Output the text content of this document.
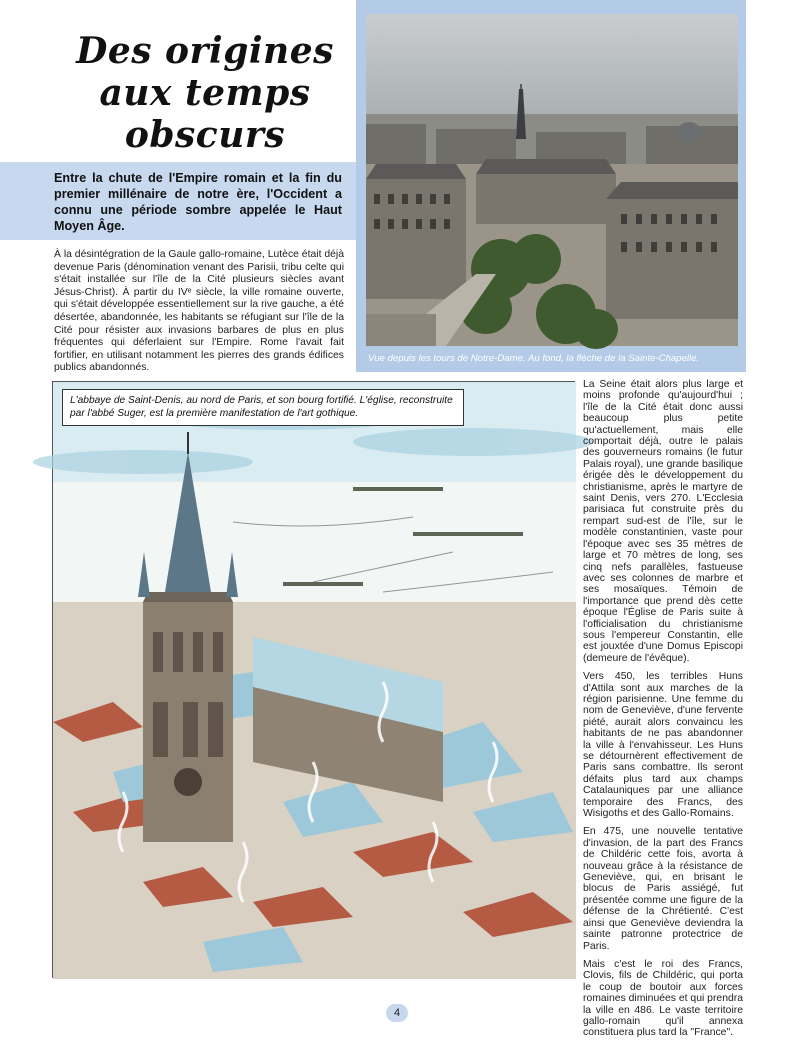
Des origines aux temps obscurs

Entre la chute de l'Empire romain et la fin du premier millénaire de notre ère, l'Occident a connu une période sombre appelée le Haut Moyen Âge.

À la désintégration de la Gaule gallo-romaine, Lutèce était déjà devenue Paris (dénomination venant des Parisii, tribu celte qui s'était installée sur l'île de la Cité plusieurs siècles avant Jésus-Christ). À partir du IVᵉ siècle, la ville romaine ouverte, qui s'était développée essentiellement sur la rive gauche, a été désertée, abandonnée, les habitants se réfugiant sur l'île de la Cité pour résister aux invasions barbares de plus en plus fréquentes qui déferlaient sur l'Empire. Rome l'avait fait fortifier, en utilisant notamment les pierres des grands édifices publics abandonnés.

Vue depuis les tours de Notre-Dame. Au fond, la flèche de la Sainte-Chapelle.

L'abbaye de Saint-Denis, au nord de Paris, et son bourg fortifié. L'église, reconstruite par l'abbé Suger, est la première manifestation de l'art gothique.

La Seine était alors plus large et moins profonde qu'aujourd'hui ; l'île de la Cité était donc aussi beaucoup plus petite qu'actuellement, mais elle comportait déjà, outre le palais des gouverneurs romains (le futur Palais royal), une grande basilique érigée dès le développement du christianisme, après le martyre de saint Denis, vers 270. L'Ecclesia parisiaca fut construite près du rempart sud-est de l'île, sur le modèle constantinien, vaste pour l'époque avec ses 35 mètres de large et 70 mètres de long, ses cinq nefs parallèles, fastueuse avec ses colonnes de marbre et ses mosaïques. Témoin de l'importance que prend dès cette époque l'Église de Paris suite à l'officialisation du christianisme sous l'empereur Constantin, elle est jouxtée d'une Domus Episcopi (demeure de l'évêque).

Vers 450, les terribles Huns d'Attila sont aux marches de la région parisienne. Une femme du nom de Geneviève, d'une fervente piété, aurait alors convaincu les habitants de ne pas abandonner la ville à l'envahisseur. Les Huns se détournèrent effectivement de Paris sans combattre. Ils seront défaits plus tard aux champs Catalauniques par une alliance temporaire des Francs, des Wisigoths et des Gallo-Romains.

En 475, une nouvelle tentative d'invasion, de la part des Francs de Childéric cette fois, avorta à nouveau grâce à la résistance de Geneviève, qui, en brisant le blocus de Paris assiégé, fut présentée comme une figure de la défense de la Chrétienté. C'est ainsi que Geneviève deviendra la sainte patronne protectrice de Paris.

Mais c'est le roi des Francs, Clovis, fils de Childéric, qui porta le coup de boutoir aux forces romaines diminuées et qui prendra la ville en 486. Le vaste territoire gallo-romain qu'il annexa constituera plus tard la "France".

4
